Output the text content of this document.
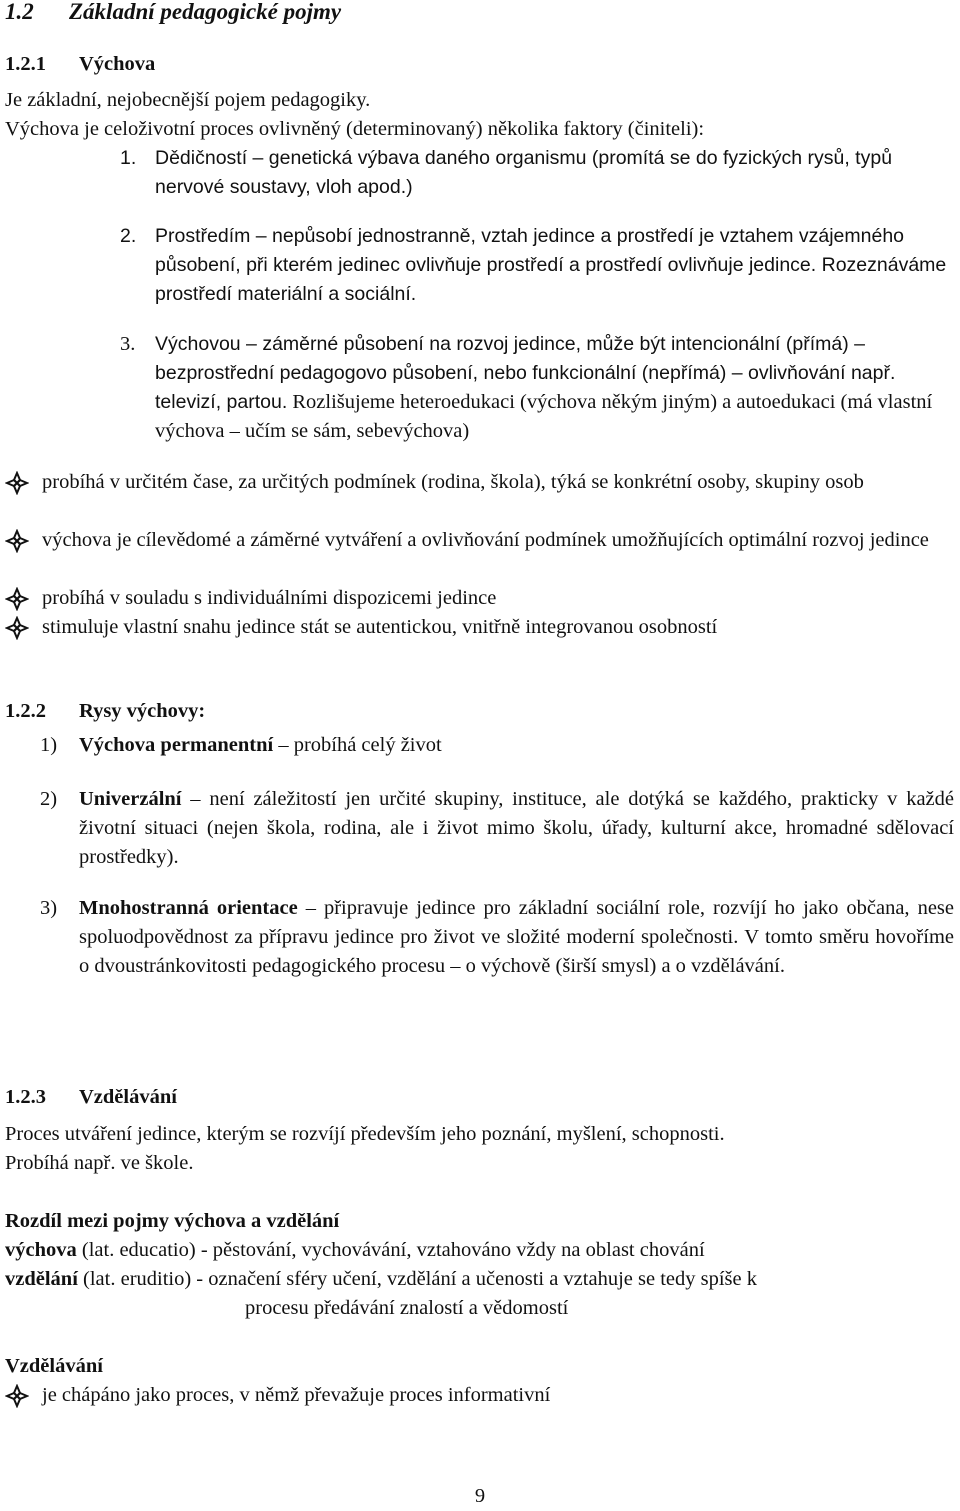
1.2 Základní pedagogické pojmy
1.2.1 Výchova
Je základní, nejobecnější pojem pedagogiky.
Výchova je celoživotní proces ovlivněný (determinovaný) několika faktory (činiteli):
1. Dědičností – genetická výbava daného organismu (promítá se do fyzických rysů, typů nervové soustavy, vloh apod.)
2. Prostředím – nepůsobí jednostranně, vztah jedince a prostředí je vztahem vzájemného působení, při kterém jedinec ovlivňuje prostředí a prostředí ovlivňuje jedince. Rozeznáváme prostředí materiální a sociální.
3.	Výchovou – záměrné působení na rozvoj jedince, může být intencionální (přímá) – bezprostřední pedagogovo působení, nebo funkcionální (nepřímá) – ovlivňování např. televizí, partou. Rozlišujeme heteroedukaci (výchova někým jiným) a autoedukaci (má vlastní výchova – učím se sám, sebevýchova)
probíhá v určitém čase, za určitých podmínek (rodina, škola), týká se konkrétní osoby, skupiny osob
výchova je cílevědomé a záměrné vytváření a ovlivňování podmínek umožňujících optimální rozvoj jedince
probíhá v souladu s individuálními dispozicemi jedince
stimuluje vlastní snahu jedince stát se autentickou, vnitřně integrovanou osobností
1.2.2 Rysy výchovy:
1)	Výchova permanentní – probíhá celý život
2)	Univerzální – není záležitostí jen určité skupiny, instituce, ale dotýká se každého, prakticky v každé životní situaci (nejen škola, rodina, ale i život mimo školu, úřady, kulturní akce, hromadné sdělovací prostředky).
3)	Mnohostranná orientace – připravuje jedince pro základní sociální role, rozvíjí ho jako občana, nese spoluodpovědnost za přípravu jedince pro život ve složité moderní společnosti. V tomto směru hovoříme o dvoustránkovitosti pedagogického procesu – o výchově (širší smysl) a o vzdělávání.
1.2.3 Vzdělávání
Proces utváření jedince, kterým se rozvíjí především jeho poznání, myšlení, schopnosti.
Probíhá např. ve škole.
Rozdíl mezi pojmy výchova a vzdělání
výchova (lat. educatio) - pěstování, vychovávání, vztahováno vždy na oblast chování
vzdělání (lat. eruditio) - označení sféry učení, vzdělání a učenosti a vztahuje se tedy spíše k
procesu předávání znalostí a vědomostí
Vzdělávání
je chápáno jako proces, v němž převažuje proces informativní
9
